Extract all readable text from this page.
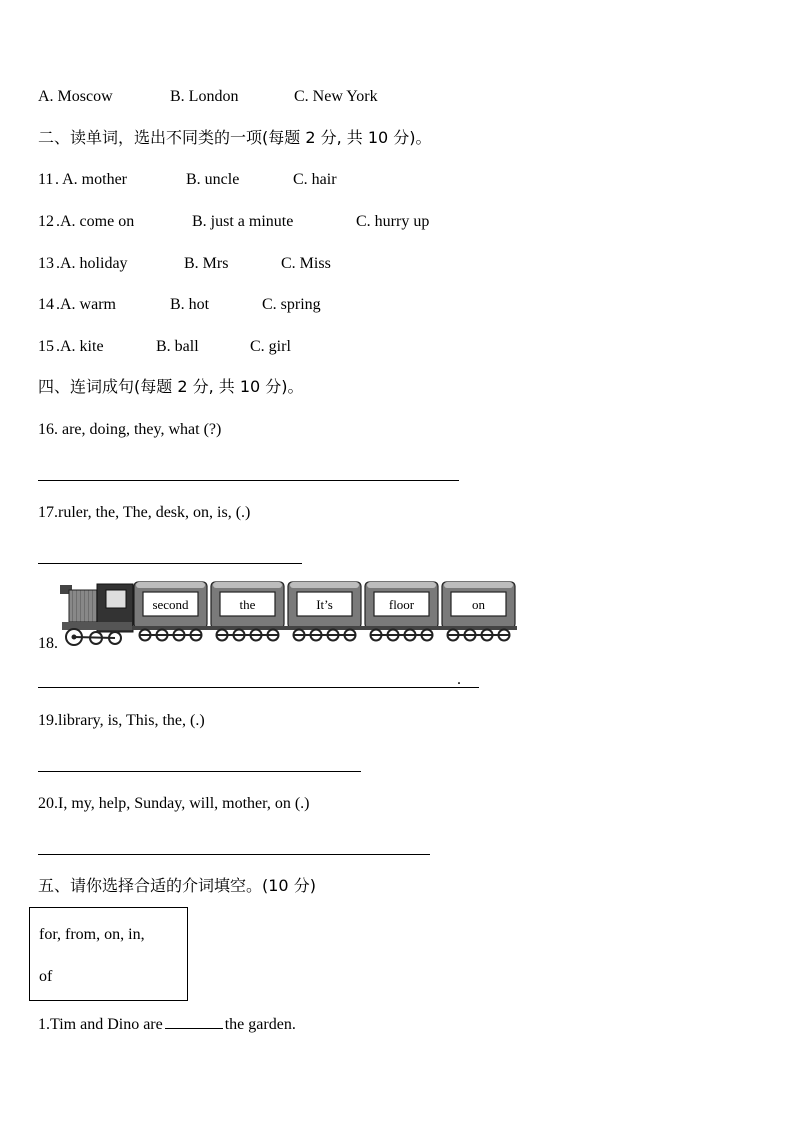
A. Moscow	B. London	C. New York
二、读单词，选出不同类的一项(每题 2 分, 共 10 分)。
11 . A. mother	B. uncle	C. hair
12 .A. come on	B. just a minute	C. hurry up
13 .A. holiday	B. Mrs	C. Miss
14 .A. warm	B. hot	C. spring
15 .A. kite	B. ball	C. girl
四、连词成句(每题 2 分, 共 10 分)。
16. are, doing, they, what (?)
17.ruler, the, The, desk, on, is, (.)
second	the	It’s	floor	on
18.
.
19.library, is, This, the, (.)
20.I, my, help, Sunday, will, mother, on (.)
五、请你选择合适的介词填空。(10 分)
for, from, on, in,
of
1.Tim and Dino are	the garden.
